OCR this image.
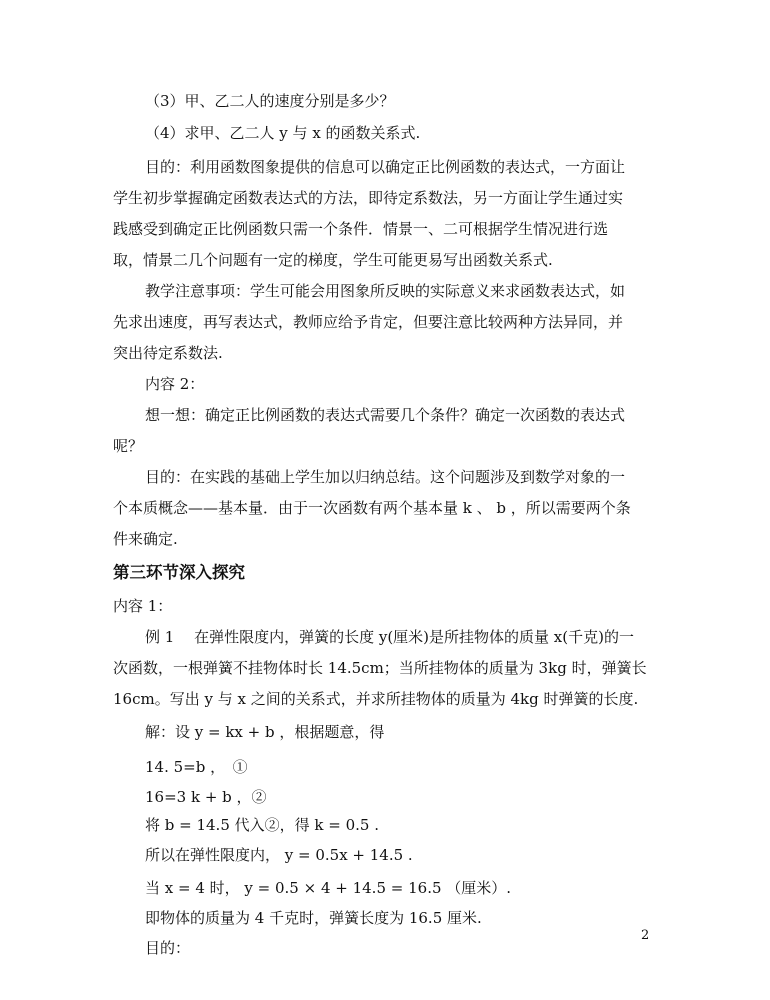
（3）甲、乙二人的速度分别是多少？
（4）求甲、乙二人 y 与 x 的函数关系式.
目的：利用函数图象提供的信息可以确定正比例函数的表达式，一方面让
学生初步掌握确定函数表达式的方法，即待定系数法，另一方面让学生通过实
践感受到确定正比例函数只需一个条件．情景一、二可根据学生情况进行选
取，情景二几个问题有一定的梯度，学生可能更易写出函数关系式.
教学注意事项：学生可能会用图象所反映的实际意义来求函数表达式，如
先求出速度，再写表达式，教师应给予肯定，但要注意比较两种方法异同，并
突出待定系数法.
内容 2：
想一想：确定正比例函数的表达式需要几个条件？确定一次函数的表达式
呢？
目的：在实践的基础上学生加以归纳总结。这个问题涉及到数学对象的一
个本质概念——基本量．由于一次函数有两个基本量 k 、 b ，所以需要两个条
件来确定.
第三环节深入探究
内容 1：
例 1　 在弹性限度内，弹簧的长度 y(厘米)是所挂物体的质量 x(千克)的一
次函数，一根弹簧不挂物体时长 14.5cm；当所挂物体的质量为 3kg 时，弹簧长
16cm。写出 y 与 x 之间的关系式，并求所挂物体的质量为 4kg 时弹簧的长度.
解：设 y = kx + b ，根据题意，得
14. 5=b ，　①
16=3 k + b ，②
将 b = 14.5 代入②，得 k = 0.5 .
所以在弹性限度内， y = 0.5x + 14.5 .
当 x = 4 时， y = 0.5 × 4 + 14.5 = 16.5 （厘米）.
即物体的质量为 4 千克时，弹簧长度为 16.5 厘米.
目的：
2
